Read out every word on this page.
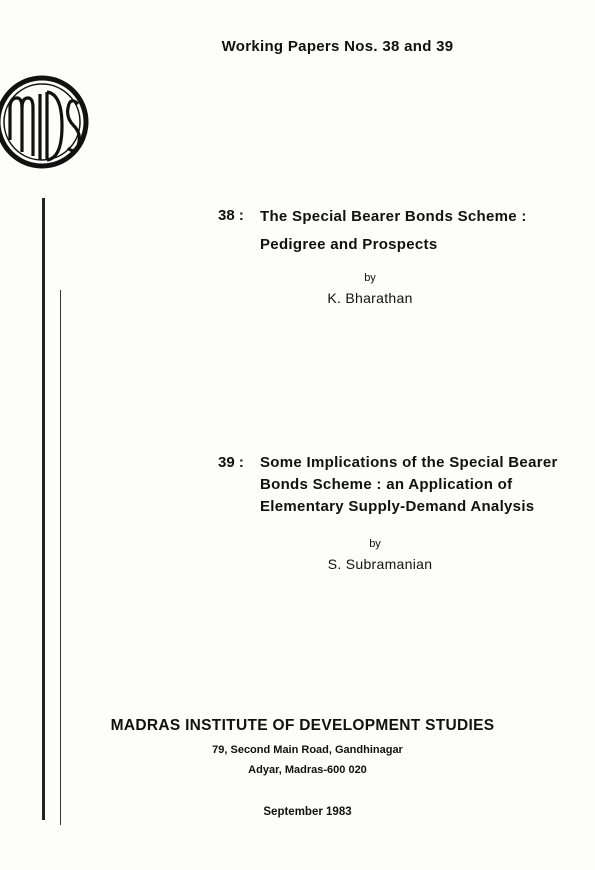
Working Papers Nos. 38 and 39
38 : The Special Bearer Bonds Scheme :
Pedigree and Prospects
by
K. Bharathan
39 : Some Implications of the Special Bearer
Bonds Scheme : an Application of
Elementary Supply-Demand Analysis
by
S. Subramanian
MADRAS INSTITUTE OF DEVELOPMENT STUDIES
79, Second Main Road, Gandhinagar
Adyar, Madras-600 020
September 1983
